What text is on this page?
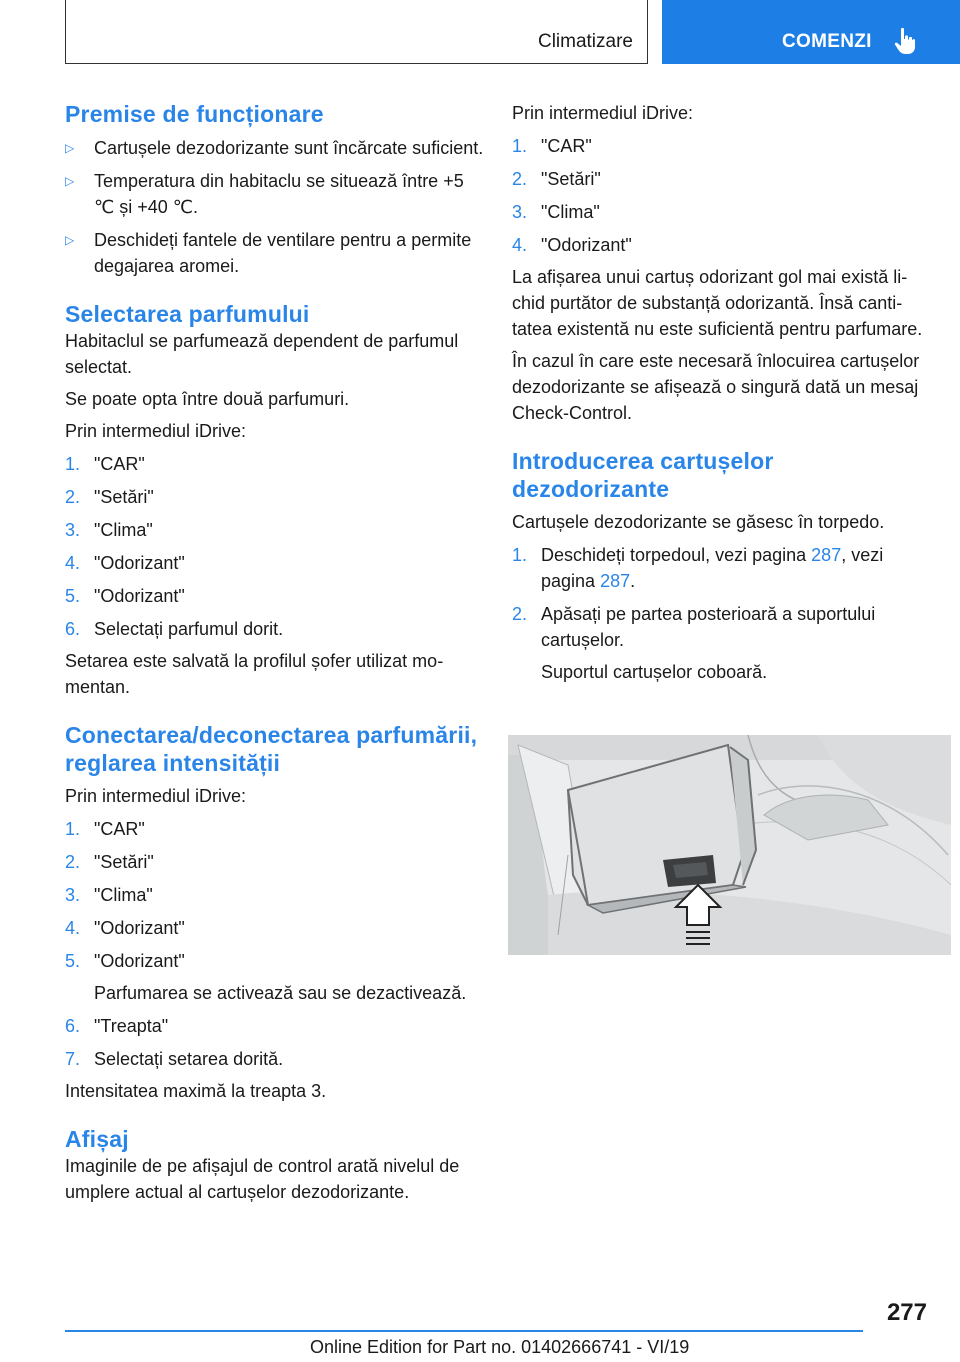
Climatizare	COMENZI
Premise de funcționare
▷ Cartușele dezodorizante sunt încărcate suficient.
▷ Temperatura din habitaclu se situează între +5 ℃ și +40 ℃.
▷ Deschideți fantele de ventilare pentru a permite degajarea aromei.
Selectarea parfumului

Habitaclul se parfumează dependent de parfumul selectat.

Se poate opta între două parfumuri.

Prin intermediul iDrive:

1. "CAR"
2. "Setări"
3. "Clima"
4. "Odorizant"
5. "Odorizant"
6. Selectați parfumul dorit.

Setarea este salvată la profilul șofer utilizat momentan.

Conectarea/deconectarea parfumării, reglarea intensității

Prin intermediul iDrive:

1. "CAR"
2. "Setări"
3. "Clima"
4. "Odorizant"
5. "Odorizant"
Parfumarea se activează sau se dezactivează.
6. "Treapta"
7. Selectați setarea dorită.

Intensitatea maximă la treapta 3.

Afișaj

Imaginile de pe afișajul de control arată nivelul de umplere actual al cartușelor dezodorizante.

Prin intermediul iDrive:

1. "CAR"
2. "Setări"
3. "Clima"
4. "Odorizant"

La afișarea unui cartuș odorizant gol mai există lichid purtător de substanță odorizantă. Însă cantitatea existentă nu este suficientă pentru parfumare.

În cazul în care este necesară înlocuirea cartușelor dezodorizante se afișează o singură dată un mesaj Check-Control.

Introducerea cartușelor dezodorizante

Cartușele dezodorizante se găsesc în torpedo.

1. Deschideți torpedoul, vezi pagina 287, vezi pagina 287.
2. Apăsați pe partea posterioară a suportului cartușelor.
Suportul cartușelor coboară.
277
Online Edition for Part no. 01402666741 - VI/19
